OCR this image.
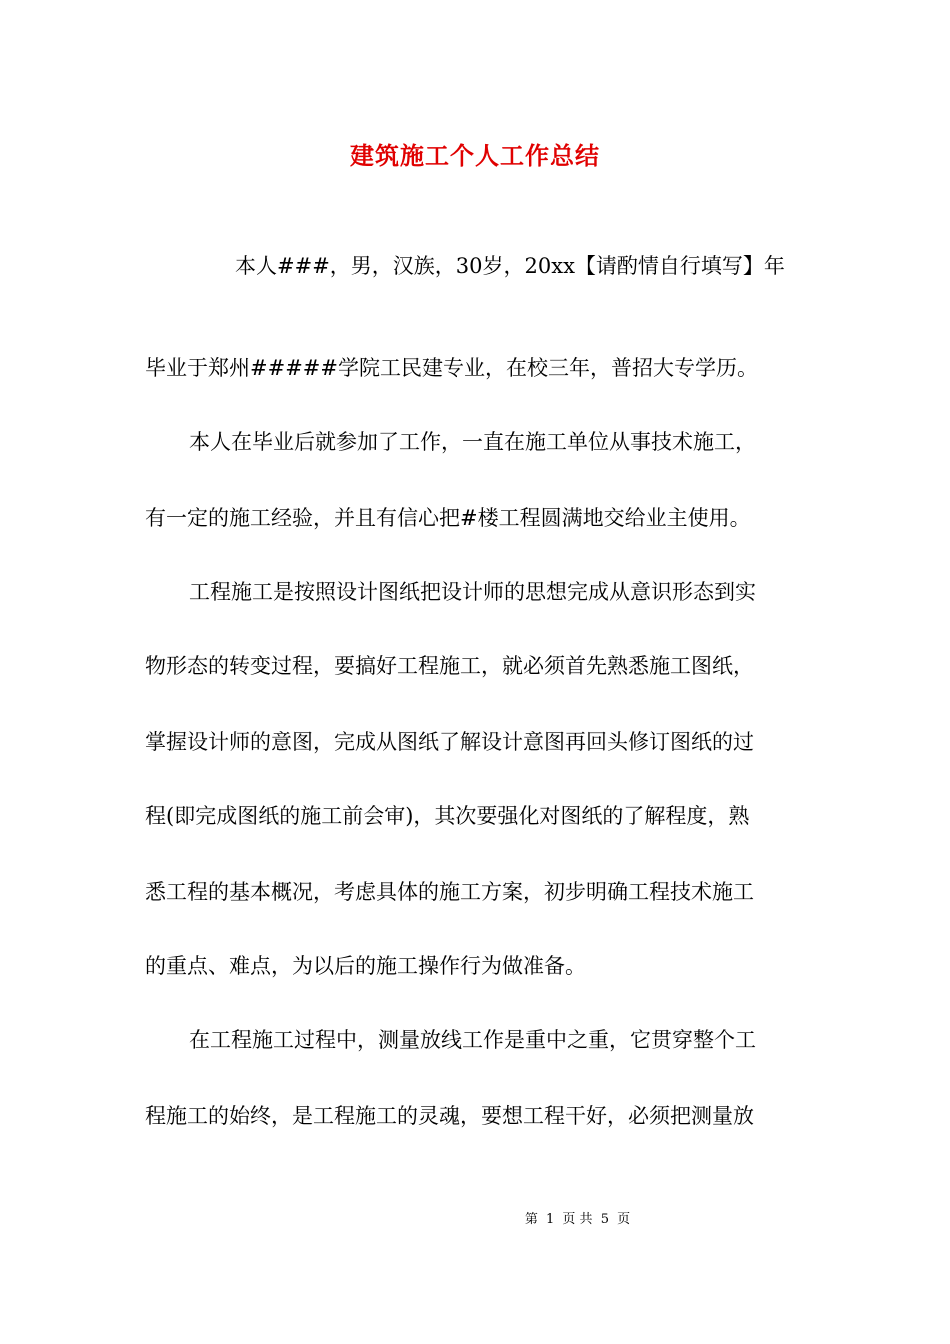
建筑施工个人工作总结
本人###，男，汉族，30岁，20xx【请酌情自行填写】年
毕业于郑州#####学院工民建专业，在校三年，普招大专学历。
本人在毕业后就参加了工作，一直在施工单位从事技术施工，
有一定的施工经验，并且有信心把#楼工程圆满地交给业主使用。
工程施工是按照设计图纸把设计师的思想完成从意识形态到实
物形态的转变过程，要搞好工程施工，就必须首先熟悉施工图纸，
掌握设计师的意图，完成从图纸了解设计意图再回头修订图纸的过
程(即完成图纸的施工前会审)，其次要强化对图纸的了解程度，熟
悉工程的基本概况，考虑具体的施工方案，初步明确工程技术施工
的重点、难点，为以后的施工操作行为做准备。
在工程施工过程中，测量放线工作是重中之重，它贯穿整个工
程施工的始终，是工程施工的灵魂，要想工程干好，必须把测量放
第 1 页 共 5 页
